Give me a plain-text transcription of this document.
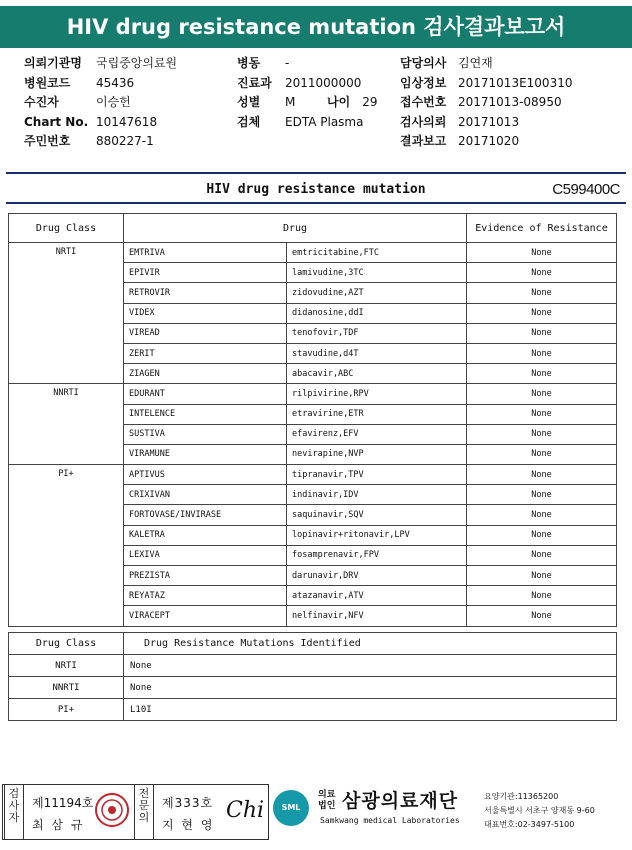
HIV drug resistance mutation 검사결과보고서
의뢰기관명 국립중앙의료원
병원코드 45436
수진자	이승헌
Chart No. 10147618
주민번호 880227-1
병동 -
진료과 2011000000
성별 M
검체 EDTA Plasma
나이 29
담당의사 김연재
임상정보 20171013E100310
접수번호 20171013-08950
검사의뢰 20171013
결과보고 20171020
HIV drug resistance mutation	C599400C
Drug Class	Drug		Evidence of Resistance
NRTI	EMTRIVA	emtricitabine,FTC	None
	EPIVIR	lamivudine,3TC	None
	RETROVIR	zidovudine,AZT	None
	VIDEX	didanosine,ddI	None
	VIREAD	tenofovir,TDF	None
	ZERIT	stavudine,d4T	None
	ZIAGEN	abacavir,ABC	None
NNRTI	EDURANT	rilpivirine,RPV	None
	INTELENCE	etravirine,ETR	None
	SUSTIVA	efavirenz,EFV	None
	VIRAMUNE	nevirapine,NVP	None
PI+	APTIVUS	tipranavir,TPV	None
	CRIXIVAN	indinavir,IDV	None
	FORTOVASE/INVIRASE	saquinavir,SQV	None
	KALETRA	lopinavir+ritonavir,LPV	None
	LEXIVA	fosamprenavir,FPV	None
	PREZISTA	darunavir,DRV	None
	REYATAZ	atazanavir,ATV	None
	VIRACEPT	nelfinavir,NFV	None
Drug Class	Drug Resistance Mutations Identified
NRTI	None
NNRTI	None
PI+	L10I
검사자
제11194호
최 삼 규
전문의
제333호
지 현 영
Chi	SML
의료법인 삼광의료재단
Samkwang medical Laboratories
요양기관:11365200
서울특별시 서초구 양재동 9-60
대표번호:02-3497-5100
